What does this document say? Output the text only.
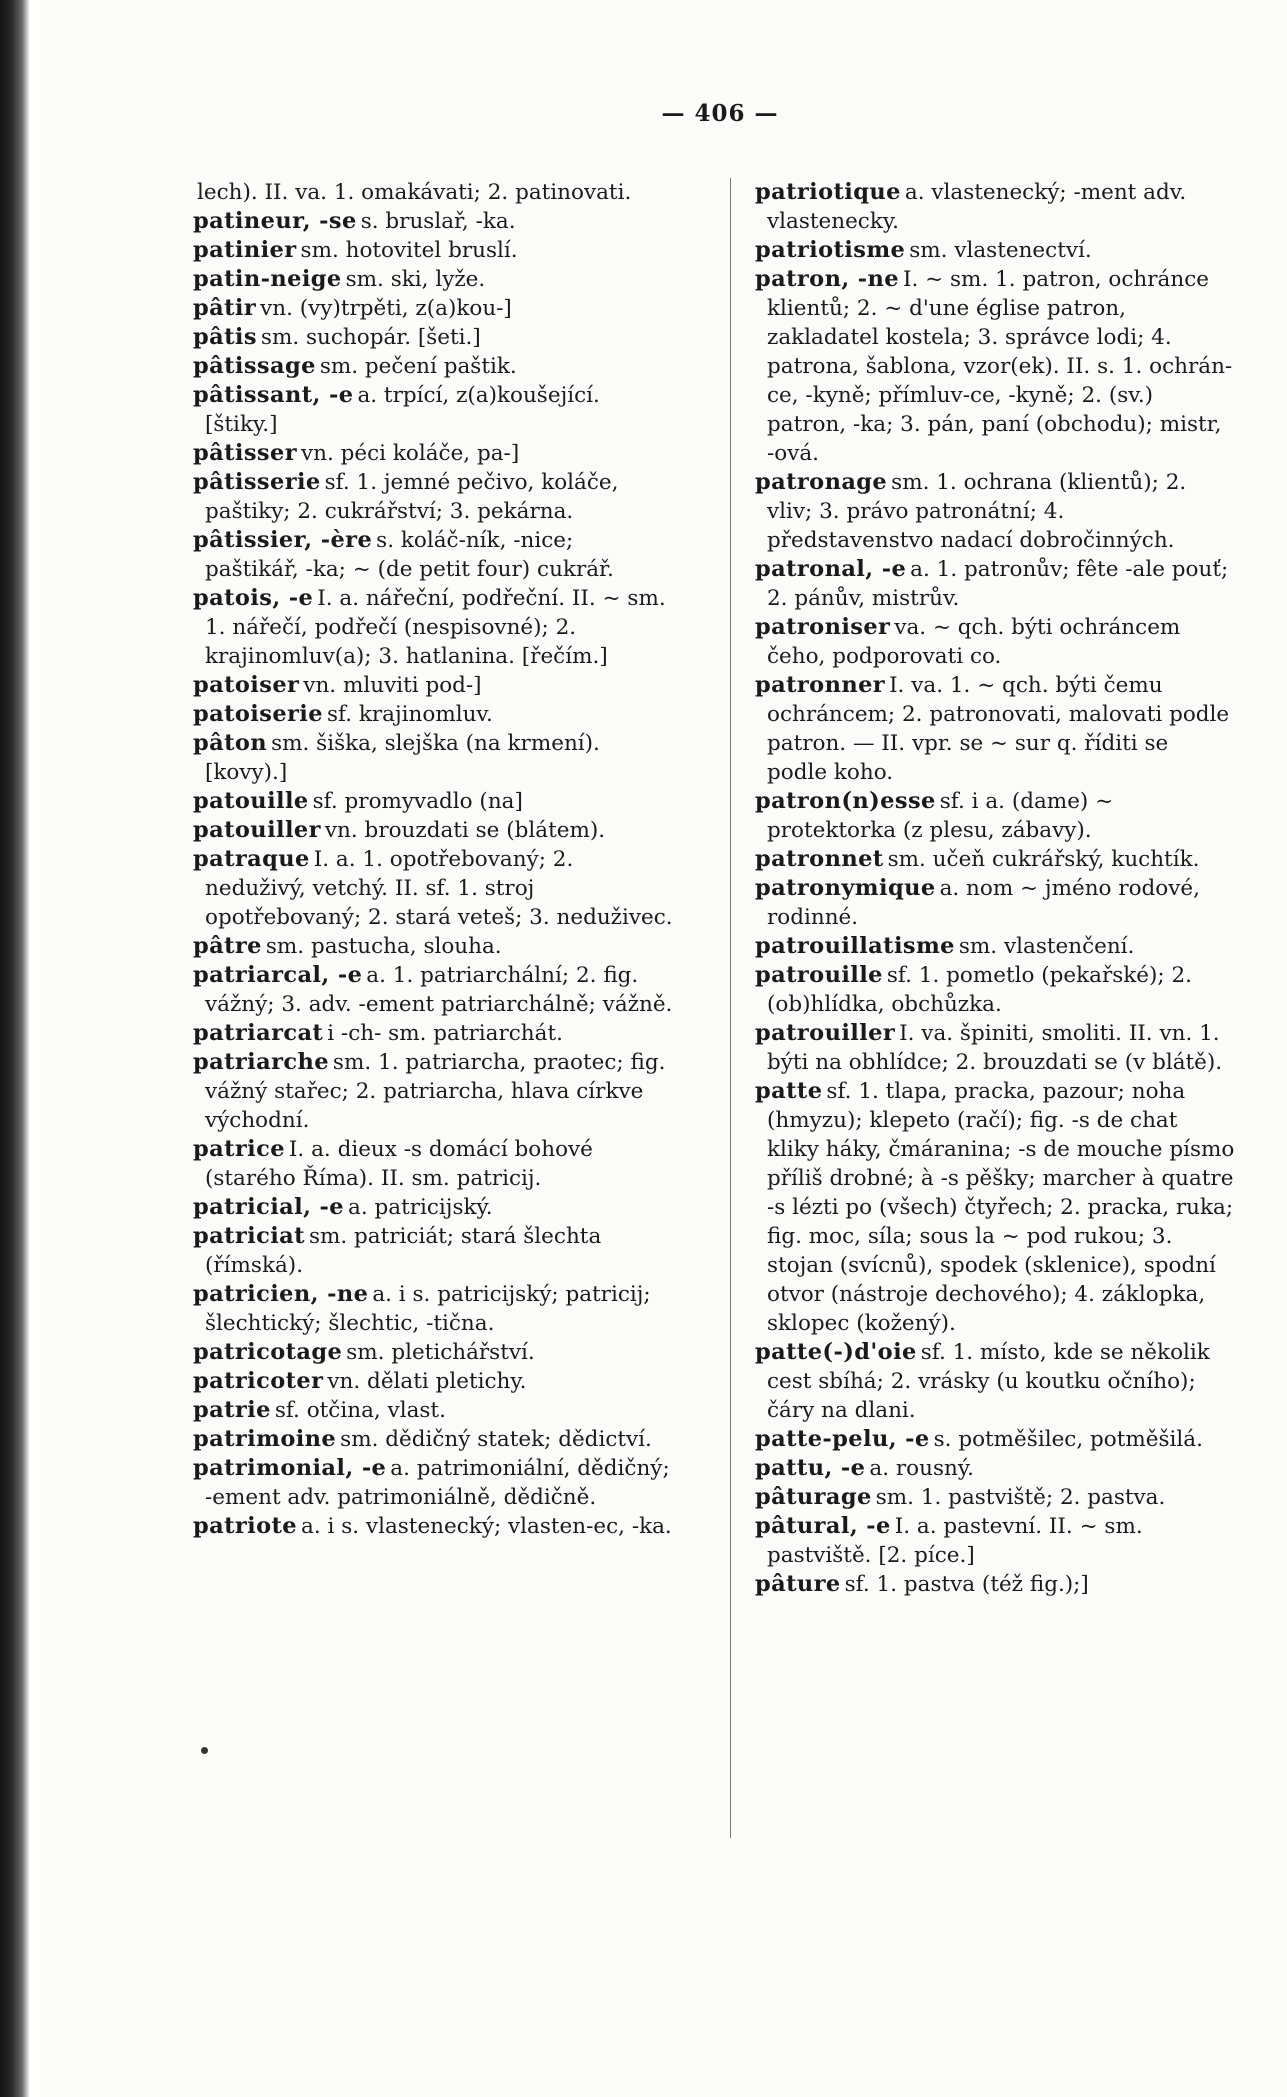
— 406 —

lech). II. va. 1. omakávati; 2. patinovati.

patineur, -se s. bruslař, -ka.

patinier sm. hotovitel bruslí.

patin-neige sm. ski, lyže.

pâtir vn. (vy)trpěti, z(a)kou-]

pâtis sm. suchopár. [šeti.]

pâtissage sm. pečení paštik.

pâtissant, -e a. trpící, z(a)koušející. [štiky.]

pâtisser vn. péci koláče, pa-]

pâtisserie sf. 1. jemné pečivo, koláče, paštiky; 2. cukrářství; 3. pekárna.

pâtissier, -ère s. koláč-ník, -nice; paštikář, -ka; ~ (de petit four) cukrář.

patois, -e I. a. nářeční, podřeční. II. ~ sm. 1. nářečí, podřečí (nespisovné); 2. krajinomluv(a); 3. hatlanina. [řečím.]

patoiser vn. mluviti pod-]

patoiserie sf. krajinomluv.

pâton sm. šiška, slejška (na krmení). [kovy).]

patouille sf. promyvadlo (na]

patouiller vn. brouzdati se (blátem).

patraque I. a. 1. opotřebovaný; 2. neduživý, vetchý. II. sf. 1. stroj opotřebovaný; 2. stará veteš; 3. neduživec.

pâtre sm. pastucha, slouha.

patriarcal, -e a. 1. patriarchální; 2. fig. vážný; 3. adv. -ement patriarchálně; vážně.

patriarcat i -ch- sm. patriarchát.

patriarche sm. 1. patriarcha, praotec; fig. vážný stařec; 2. patriarcha, hlava církve východní.

patrice I. a. dieux -s domácí bohové (starého Říma). II. sm. patricij.

patricial, -e a. patricijský.

patriciat sm. patriciát; stará šlechta (římská).

patricien, -ne a. i s. patricijský; patricij; šlechtický; šlechtic, -tična.

patricotage sm. pletichářství.

patricoter vn. dělati pletichy.

patrie sf. otčina, vlast.

patrimoine sm. dědičný statek; dědictví.

patrimonial, -e a. patrimoniální, dědičný; -ement adv. patrimoniálně, dědičně.

patriote a. i s. vlastenecký; vlasten-ec, -ka.

patriotique a. vlastenecký; -ment adv. vlastenecky.

patriotisme sm. vlastenectví.

patron, -ne I. ~ sm. 1. patron, ochránce klientů; 2. ~ d'une église patron, zakladatel kostela; 3. správce lodi; 4. patrona, šablona, vzor(ek). II. s. 1. ochrán-ce, -kyně; přímluv-ce, -kyně; 2. (sv.) patron, -ka; 3. pán, paní (obchodu); mistr, -ová.

patronage sm. 1. ochrana (klientů); 2. vliv; 3. právo patronátní; 4. představenstvo nadací dobročinných.

patronal, -e a. 1. patronův; fête -ale pouť; 2. pánův, mistrův.

patroniser va. ~ qch. býti ochráncem čeho, podporovati co.

patronner I. va. 1. ~ qch. býti čemu ochráncem; 2. patronovati, malovati podle patron. — II. vpr. se ~ sur q. říditi se podle koho.

patron(n)esse sf. i a. (dame) ~ protektorka (z plesu, zábavy).

patronnet sm. učeň cukrářský, kuchtík.

patronymique a. nom ~ jméno rodové, rodinné.

patrouillatisme sm. vlastenčení.

patrouille sf. 1. pometlo (pekařské); 2. (ob)hlídka, obchůzka.

patrouiller I. va. špiniti, smoliti. II. vn. 1. býti na obhlídce; 2. brouzdati se (v blátě).

patte sf. 1. tlapa, pracka, pazour; noha (hmyzu); klepeto (račí); fig. -s de chat kliky háky, čmáranina; -s de mouche písmo příliš drobné; à -s pěšky; marcher à quatre -s lézti po (všech) čtyřech; 2. pracka, ruka; fig. moc, síla; sous la ~ pod rukou; 3. stojan (svícnů), spodek (sklenice), spodní otvor (nástroje dechového); 4. záklopka, sklopec (kožený).

patte(-)d'oie sf. 1. místo, kde se několik cest sbíhá; 2. vrásky (u koutku očního); čáry na dlani.

patte-pelu, -e s. potměšilec, potměšilá.

pattu, -e a. rousný.

pâturage sm. 1. pastviště; 2. pastva.

pâtural, -e I. a. pastevní. II. ~ sm. pastviště. [2. píce.]

pâture sf. 1. pastva (též fig.);]
